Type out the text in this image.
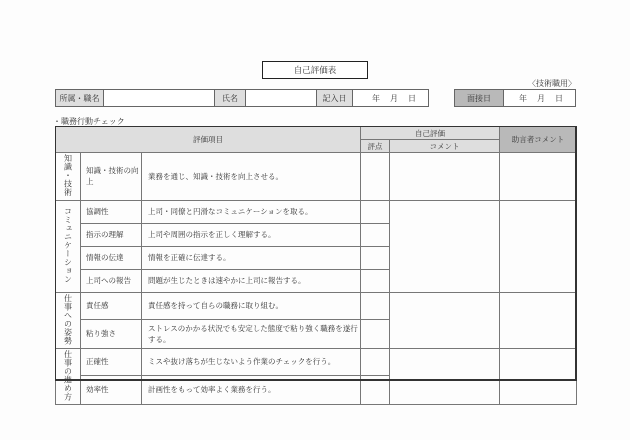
自己評価表
〈技術職用〉
所属・職名	氏名	記入日	年 月 日	面接日	年 月 日
・職務行動チェック
評価項目			自己評価		助言者コメント
			評点	コメント	
知識・技術	知識・技術の向上	業務を通じ、知識・技術を向上させる。			
コミュニケーション	協調性	上司・同僚と円滑なコミュニケーションを取る。			
	指示の理解	上司や周囲の指示を正しく理解する。			
	情報の伝達	情報を正確に伝達する。			
	上司への報告	問題が生じたときは速やかに上司に報告する。			
仕事への姿勢	責任感	責任感を持って自らの職務に取り組む。			
	粘り強さ	ストレスのかかる状況でも安定した態度で粘り強く職務を遂行する。			
仕事の進め方	正確性	ミスや抜け落ちが生じないよう作業のチェックを行う。			
	効率性	計画性をもって効率よく業務を行う。			
